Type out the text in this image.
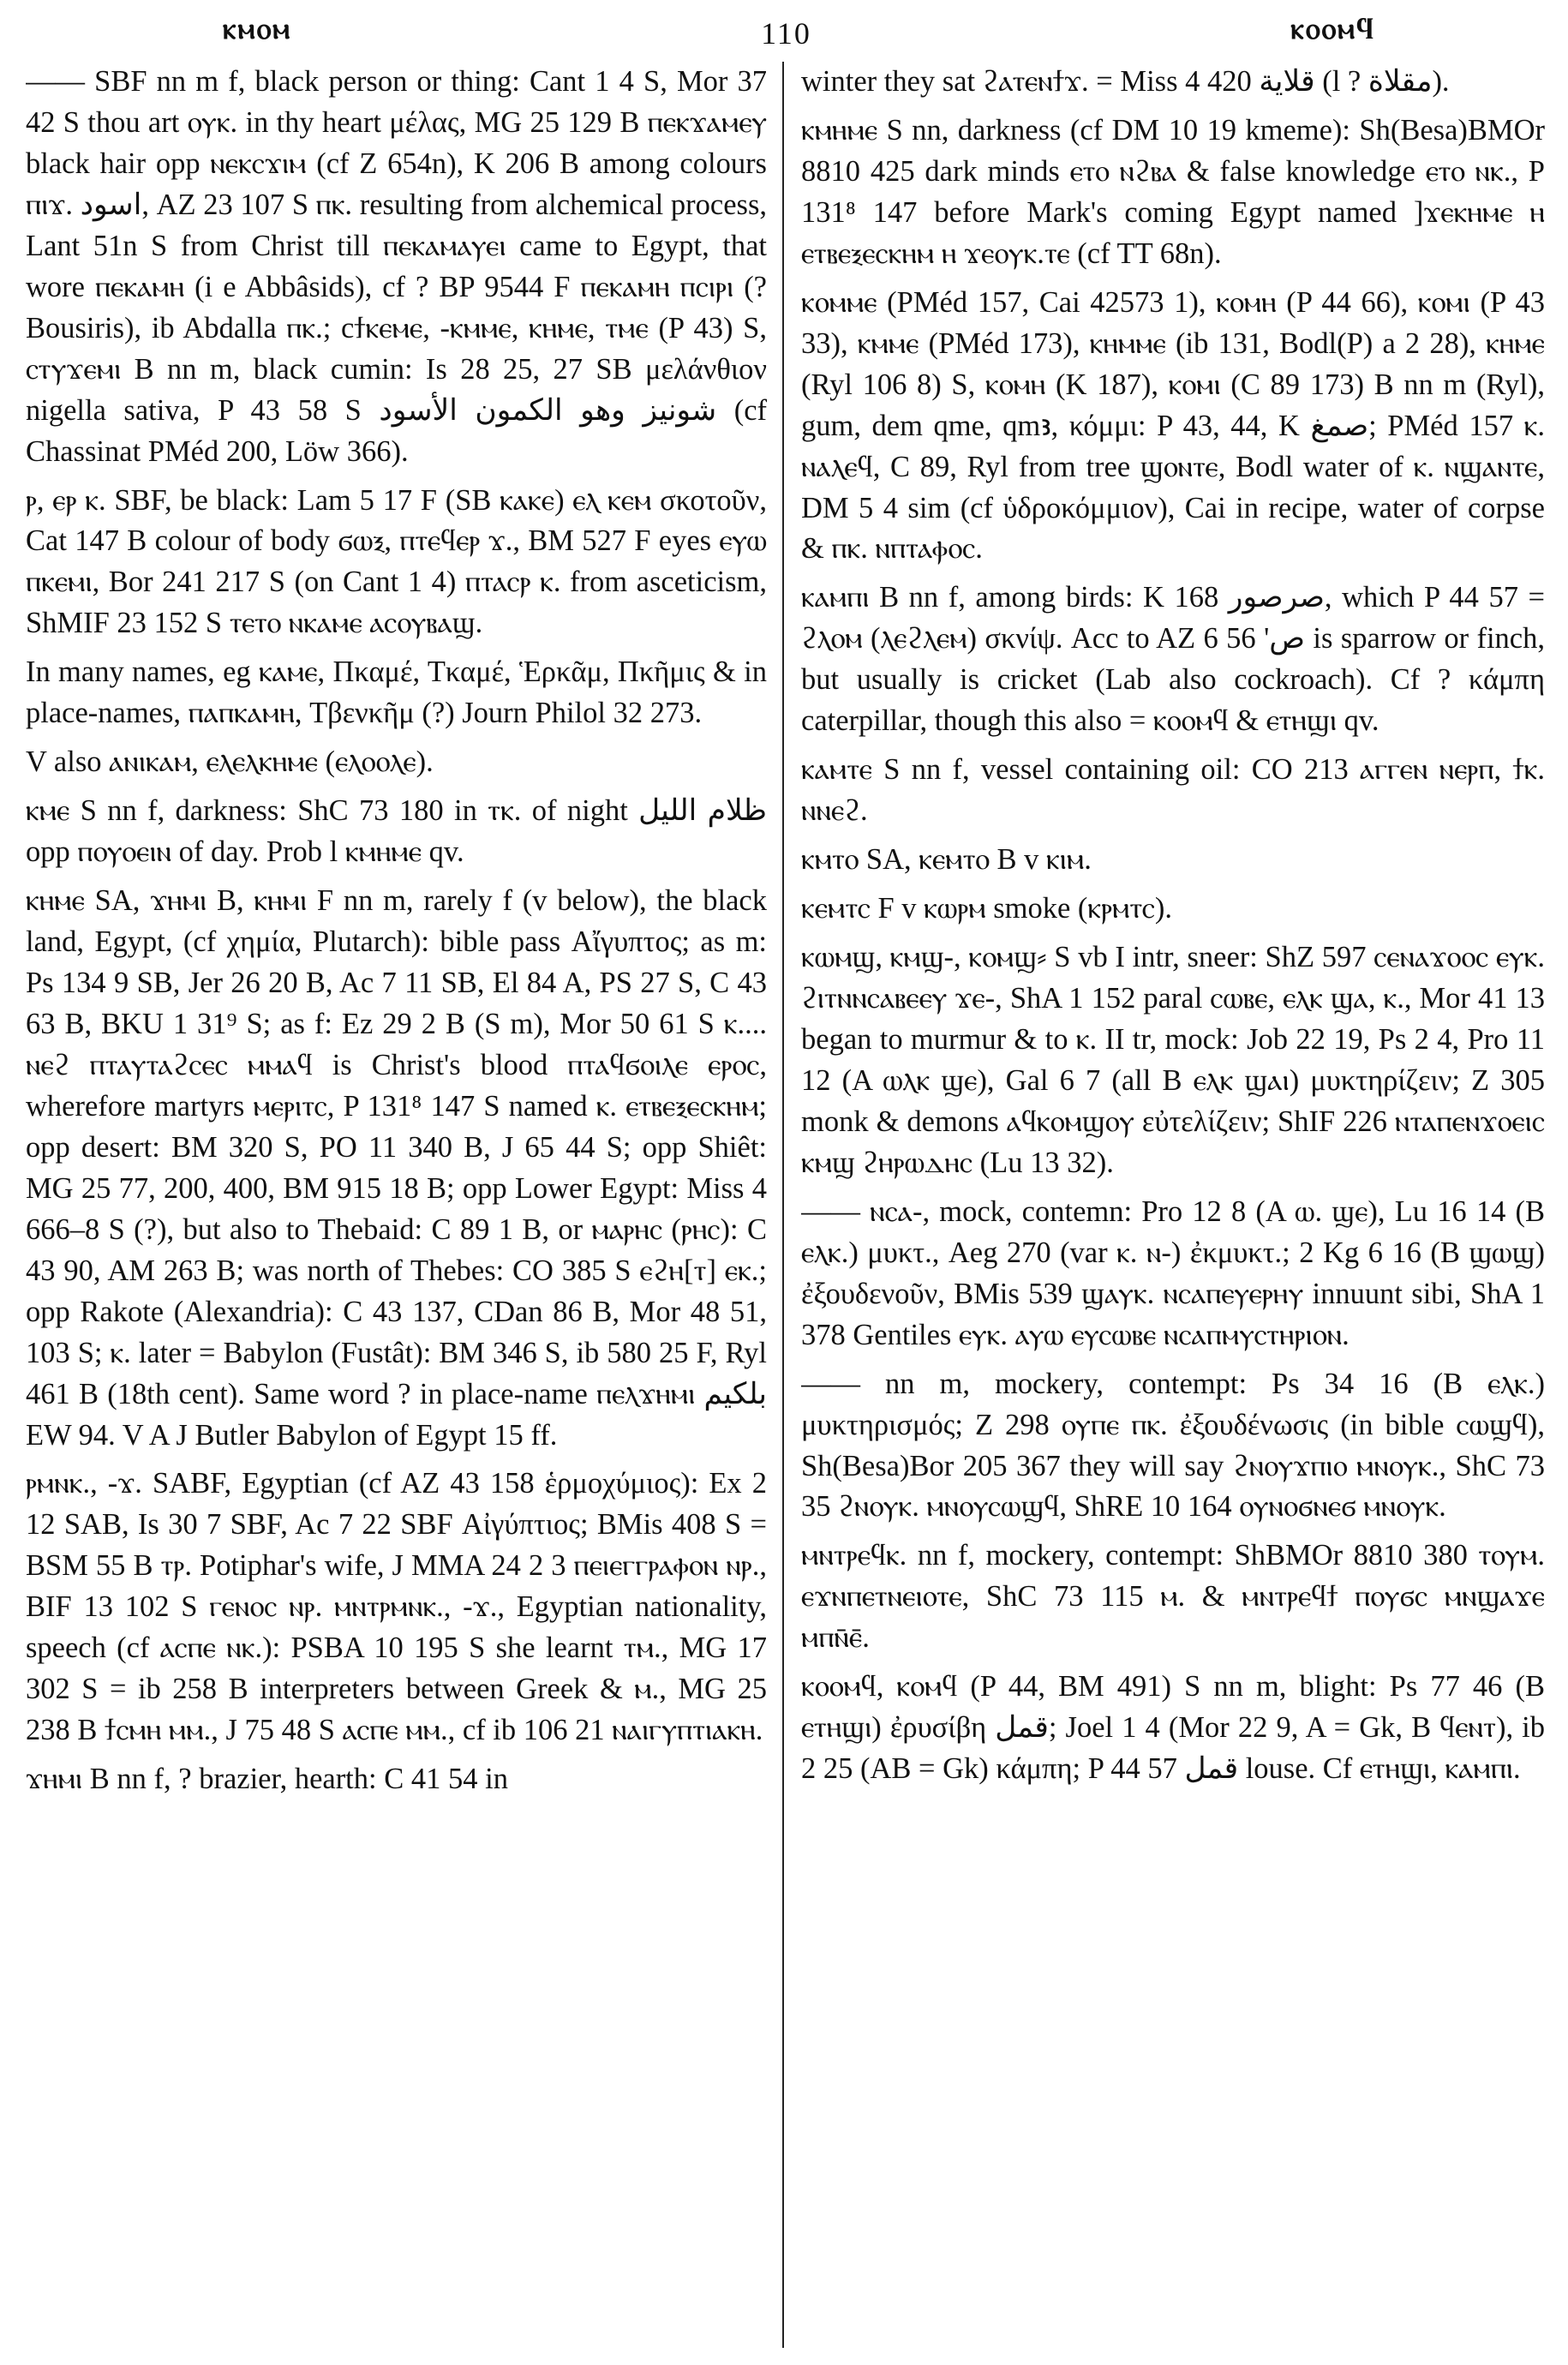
ⲕⲙⲟⲙ	110	ⲕⲟⲟⲙϥ

—— SBF nn m f, black person or thing: Cant 1 4 S, Mor 37 42 S thou art ⲟⲩⲕ. in thy heart μέλας, MG 25 129 B ⲡⲉⲕϫⲁⲙⲉⲩ black hair opp ⲛⲉⲕⲥϫⲓⲙ (cf Z 654n), K 206 B among colours ⲡⲓϫ. اسود, AZ 23 107 S ⲡⲕ. resulting from alchemical process, Lant 51n S from Christ till ⲡⲉⲕⲁⲙⲁⲩⲉⲓ came to Egypt, that wore ⲡⲉⲕⲁⲙⲏ (i e Abbâsids), cf ? BP 9544 F ⲡⲉⲕⲁⲙⲏ ⲡⲥⲓⲣⲓ (? Bousiris), ib Abdalla ⲡⲕ.; cϯⲕⲉⲙⲉ, -ⲕⲙⲙⲉ, ⲕⲏⲙⲉ, ⲧⲙⲉ (P 43) S, ⲥⲧⲩϫⲉⲙⲓ B nn m, black cumin: Is 28 25, 27 SB μελάνθιον nigella sativa, P 43 58 S شونيز وهو الكمون الأسود (cf Chassinat PMéd 200, Löw 366).

ⲣ, ⲉⲣ ⲕ. SBF, be black: Lam 5 17 F (SB ⲕⲁⲕⲉ) ⲉⲗ ⲕⲉⲙ σκοτοῦν, Cat 147 B colour of body ϭⲱⲝ, ⲡⲧⲉϥⲉⲣ ϫ., BM 527 F eyes ⲉⲩⲱ ⲡⲕⲉⲙⲓ, Bor 241 217 S (on Cant 1 4) ⲡⲧⲁⲥⲣ ⲕ. from asceticism, ShMIF 23 152 S ⲧⲉⲧⲟ ⲛⲕⲁⲙⲉ ⲁⲥⲟⲩⲃⲁϣ.

In many names, eg ⲕⲁⲙⲉ, Πκαμέ, Τκαμέ, Ἑρκᾶμ, Πκῆμις & in place-names, ⲡⲁⲡⲕⲁⲙⲏ, Τβενκῆμ (?) Journ Philol 32 273.

V also ⲁⲛⲓⲕⲁⲙ, ⲉⲗⲉⲗⲕⲏⲙⲉ (ⲉⲗⲟⲟⲗⲉ).

ⲕⲙⲉ S nn f, darkness: ShC 73 180 in ⲧⲕ. of night ظلام الليل opp ⲡⲟⲩⲟⲉⲓⲛ of day. Prob l ⲕⲙⲏⲙⲉ qv.

ⲕⲏⲙⲉ SA, ϫⲏⲙⲓ B, ⲕⲏⲙⲓ F nn m, rarely f (v below), the black land, Egypt, (cf χημία, Plutarch): bible pass Αἴγυπτος; as m: Ps 134 9 SB, Jer 26 20 B, Ac 7 11 SB, El 84 A, PS 27 S, C 43 63 B, BKU 1 31⁹ S; as f: Ez 29 2 B (S m), Mor 50 61 S ⲕ.... ⲛⲉϩ ⲡⲧⲁⲩⲧⲁϩⲥⲉⲥ ⲙⲙⲁϥ is Christ's blood ⲡⲧⲁϥϭⲟⲓⲗⲉ ⲉⲣⲟⲥ, wherefore martyrs ⲙⲉⲣⲓⲧⲥ, P 131⁸ 147 S named ⲕ. ⲉⲧⲃⲉⲝⲉⲥⲕⲏⲙ; opp desert: BM 320 S, PO 11 340 B, J 65 44 S; opp Shiêt: MG 25 77, 200, 400, BM 915 18 B; opp Lower Egypt: Miss 4 666–8 S (?), but also to Thebaid: C 89 1 B, or ⲙⲁⲣⲏⲥ (ⲣⲏⲥ): C 43 90, AM 263 B; was north of Thebes: CO 385 S ⲉϩⲏ[ⲧ] ⲉⲕ.; opp Rakote (Alexandria): C 43 137, CDan 86 B, Mor 48 51, 103 S; ⲕ. later = Babylon (Fustât): BM 346 S, ib 580 25 F, Ryl 461 B (18th cent). Same word ? in place-name ⲡⲉⲗϫⲏⲙⲓ بلكيم EW 94. V A J Butler Babylon of Egypt 15 ff.

ⲣⲙⲛⲕ., -ϫ. SABF, Egyptian (cf AZ 43 158 ἑρμοχύμιος): Ex 2 12 SAB, Is 30 7 SBF, Ac 7 22 SBF Αἰγύπτιος; BMis 408 S = BSM 55 B ⲧⲣ. Potiphar's wife, J MMA 24 2 3 ⲡⲉⲓⲉⲅⲅⲣⲁⲫⲟⲛ ⲛⲣ., BIF 13 102 S ⲅⲉⲛⲟⲥ ⲛⲣ. ⲙⲛⲧⲣⲙⲛⲕ., -ϫ., Egyptian nationality, speech (cf ⲁⲥⲡⲉ ⲛⲕ.): PSBA 10 195 S she learnt ⲧⲙ., MG 17 302 S = ib 258 B interpreters between Greek & ⲙ., MG 25 238 B ϯⲥⲙⲏ ⲙⲙ., J 75 48 S ⲁⲥⲡⲉ ⲙⲙ., cf ib 106 21 ⲛⲁⲓⲅⲩⲡⲧⲓⲁⲕⲏ.

ϫⲏⲙⲓ B nn f, ? brazier, hearth: C 41 54 in

winter they sat ϩⲁⲧⲉⲛϯϫ. = Miss 4 420 قلاية (l ? مقلاة).

ⲕⲙⲏⲙⲉ S nn, darkness (cf DM 10 19 kmeme): Sh(Besa)BMOr 8810 425 dark minds ⲉⲧⲟ ⲛϩⲃⲁ & false knowledge ⲉⲧⲟ ⲛⲕ., P 131⁸ 147 before Mark's coming Egypt named ]ϫⲉⲕⲏⲙⲉ ⲏ ⲉⲧⲃⲉⲝⲉⲥⲕⲏⲙ ⲏ ϫⲉⲟⲩⲕ.ⲧⲉ (cf TT 68n).

ⲕⲟⲙⲙⲉ (PMéd 157, Cai 42573 1), ⲕⲟⲙⲏ (P 44 66), ⲕⲟⲙⲓ (P 43 33), ⲕⲙⲙⲉ (PMéd 173), ⲕⲏⲙⲙⲉ (ib 131, Bodl(P) a 2 28), ⲕⲏⲙⲉ (Ryl 106 8) S, ⲕⲟⲙⲏ (K 187), ⲕⲟⲙⲓ (C 89 173) B nn m (Ryl), gum, dem qme, qmꜣ, κόμμι: P 43, 44, K صمغ; PMéd 157 ⲕ. ⲛⲁⲗⲉϥ, C 89, Ryl from tree ϣⲟⲛⲧⲉ, Bodl water of ⲕ. ⲛϣⲁⲛⲧⲉ, DM 5 4 sim (cf ὑδροκόμμιον), Cai in recipe, water of corpse & ⲡⲕ. ⲛⲡⲧⲁⲫⲟⲥ.

ⲕⲁⲙⲡⲓ B nn f, among birds: K 168 صرصور, which P 44 57 = ϩⲗⲟⲙ (ⲗⲉϩⲗⲉⲙ) σκνίψ. Acc to AZ 6 56 'ص is sparrow or finch, but usually is cricket (Lab also cockroach). Cf ? κάμπη caterpillar, though this also = ⲕⲟⲟⲙϥ & ⲉⲧⲏϣⲓ qv.

ⲕⲁⲙⲧⲉ S nn f, vessel containing oil: CO 213 ⲁⲅⲅⲉⲛ ⲛⲉⲣⲡ, ϯⲕ. ⲛⲛⲉϩ.

ⲕⲙⲧⲟ SA, ⲕⲉⲙⲧⲟ B v ⲕⲓⲙ.

ⲕⲉⲙⲧⲥ F v ⲕⲱⲣⲙ smoke (ⲕⲣⲙⲧⲥ).

ⲕⲱⲙϣ, ⲕⲙϣ-, ⲕⲟⲙϣ⸗ S vb I intr, sneer: ShZ 597 ⲥⲉⲛⲁϫⲟⲟⲥ ⲉⲩⲕ. ϩⲓⲧⲛⲛⲥⲁⲃⲉⲉⲩ ϫⲉ-, ShA 1 152 paral ⲥⲱⲃⲉ, ⲉⲗⲕ ϣⲁ, ⲕ., Mor 41 13 began to murmur & to ⲕ. II tr, mock: Job 22 19, Ps 2 4, Pro 11 12 (A ⲱⲗⲕ ϣⲉ), Gal 6 7 (all B ⲉⲗⲕ ϣⲁⲓ) μυκτηρίζειν; Z 305 monk & demons ⲁϥⲕⲟⲙϣⲟⲩ εὐτελίζειν; ShIF 226 ⲛⲧⲁⲡⲉⲛϫⲟⲉⲓⲥ ⲕⲙϣ ϩⲏⲣⲱⲇⲏⲥ (Lu 13 32).

—— ⲛⲥⲁ-, mock, contemn: Pro 12 8 (A ⲱ. ϣⲉ), Lu 16 14 (B ⲉⲗⲕ.) μυκτ., Aeg 270 (var ⲕ. ⲛ-) ἐκμυκτ.; 2 Kg 6 16 (B ϣⲱϣ) ἐξουδενοῦν, BMis 539 ϣⲁⲩⲕ. ⲛⲥⲁⲡⲉⲩⲉⲣⲏⲩ innuunt sibi, ShA 1 378 Gentiles ⲉⲩⲕ. ⲁⲩⲱ ⲉⲩⲥⲱⲃⲉ ⲛⲥⲁⲡⲙⲩⲥⲧⲏⲣⲓⲟⲛ.

—— nn m, mockery, contempt: Ps 34 16 (B ⲉⲗⲕ.) μυκτηρισμός; Z 298 ⲟⲩⲡⲉ ⲡⲕ. ἐξουδένωσις (in bible ⲥⲱϣϥ), Sh(Besa)Bor 205 367 they will say ϩⲛⲟⲩϫⲡⲓⲟ ⲙⲛⲟⲩⲕ., ShC 73 35 ϩⲛⲟⲩⲕ. ⲙⲛⲟⲩⲥⲱϣϥ, ShRE 10 164 ⲟⲩⲛⲟϭⲛⲉϭ ⲙⲛⲟⲩⲕ.

ⲙⲛⲧⲣⲉϥⲕ. nn f, mockery, contempt: ShBMOr 8810 380 ⲧⲟⲩⲙ. ⲉϫⲛⲡⲉⲧⲛⲉⲓⲟⲧⲉ, ShC 73 115 ⲙ. & ⲙⲛⲧⲣⲉϥϯ ⲡⲟⲩϭⲥ ⲙⲛϣⲁϫⲉ ⲙⲡⲛ̄ⲉ̄.

ⲕⲟⲟⲙϥ, ⲕⲟⲙϥ (P 44, BM 491) S nn m, blight: Ps 77 46 (B ⲉⲧⲏϣⲓ) ἐρυσίβη قمل; Joel 1 4 (Mor 22 9, A = Gk, B ϥⲉⲛⲧ), ib 2 25 (AB = Gk) κάμπη; P 44 57 قمل louse. Cf ⲉⲧⲏϣⲓ, ⲕⲁⲙⲡⲓ.
